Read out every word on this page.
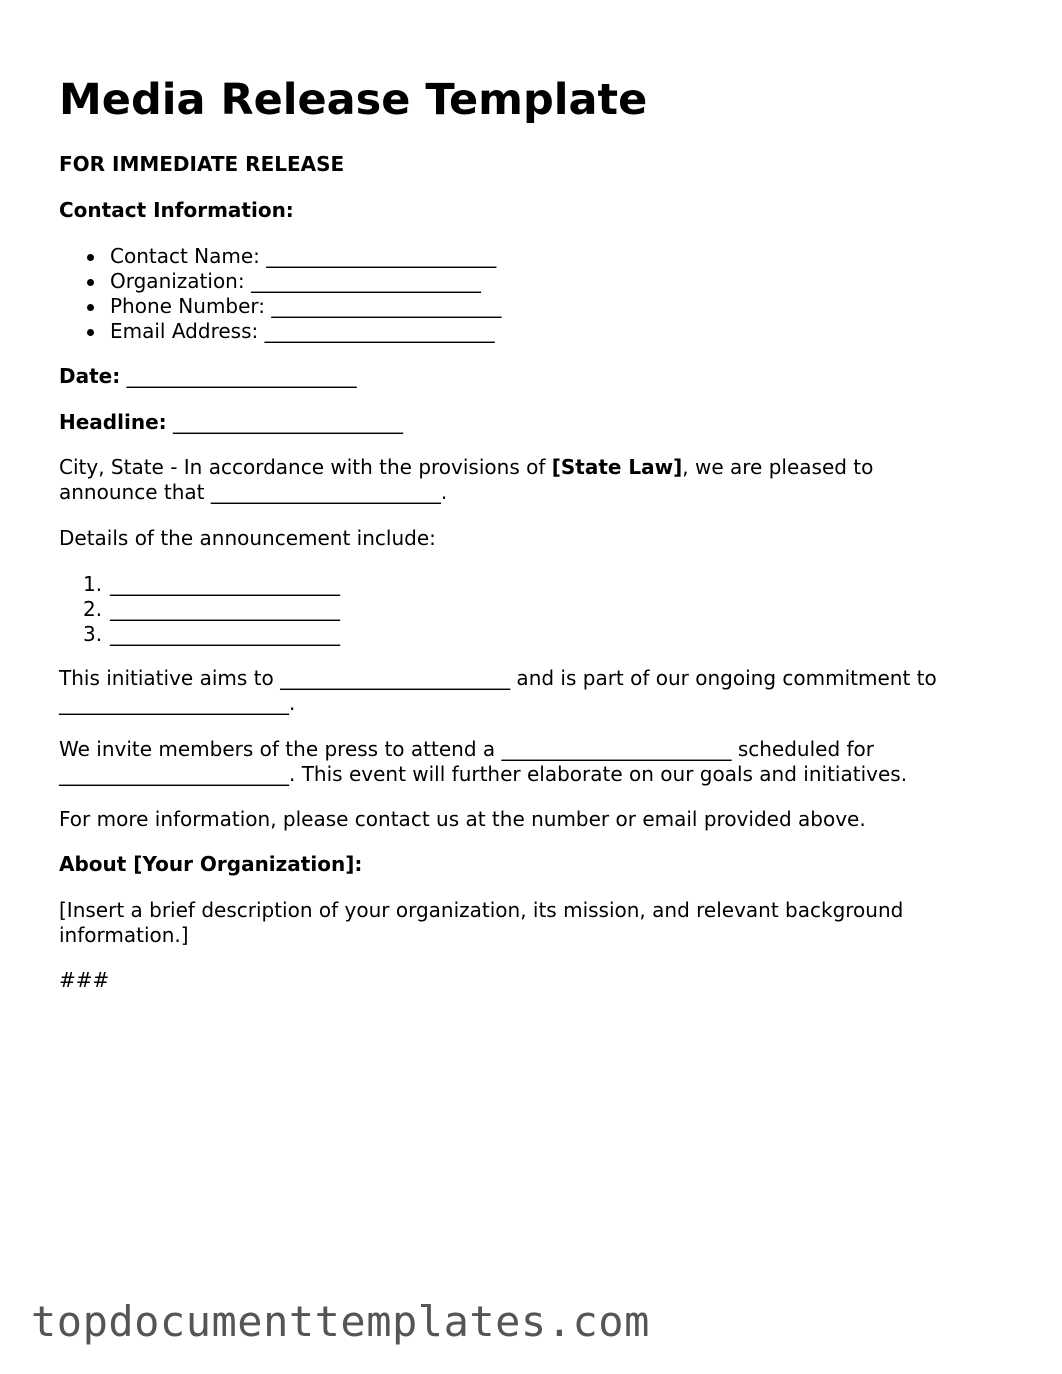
Media Release Template
FOR IMMEDIATE RELEASE
Contact Information:
Contact Name: _______________________
Organization: _______________________
Phone Number: _______________________
Email Address: _______________________
Date: _______________________
Headline: _______________________
City, State - In accordance with the provisions of [State Law], we are pleased to
announce that _______________________.
Details of the announcement include:
1. _______________________
2. _______________________
3. _______________________
This initiative aims to _______________________ and is part of our ongoing commitment to
_______________________.
We invite members of the press to attend a _______________________ scheduled for
_______________________. This event will further elaborate on our goals and initiatives.
For more information, please contact us at the number or email provided above.
About [Your Organization]:
[Insert a brief description of your organization, its mission, and relevant background
information.]
###
topdocumenttemplates.com
